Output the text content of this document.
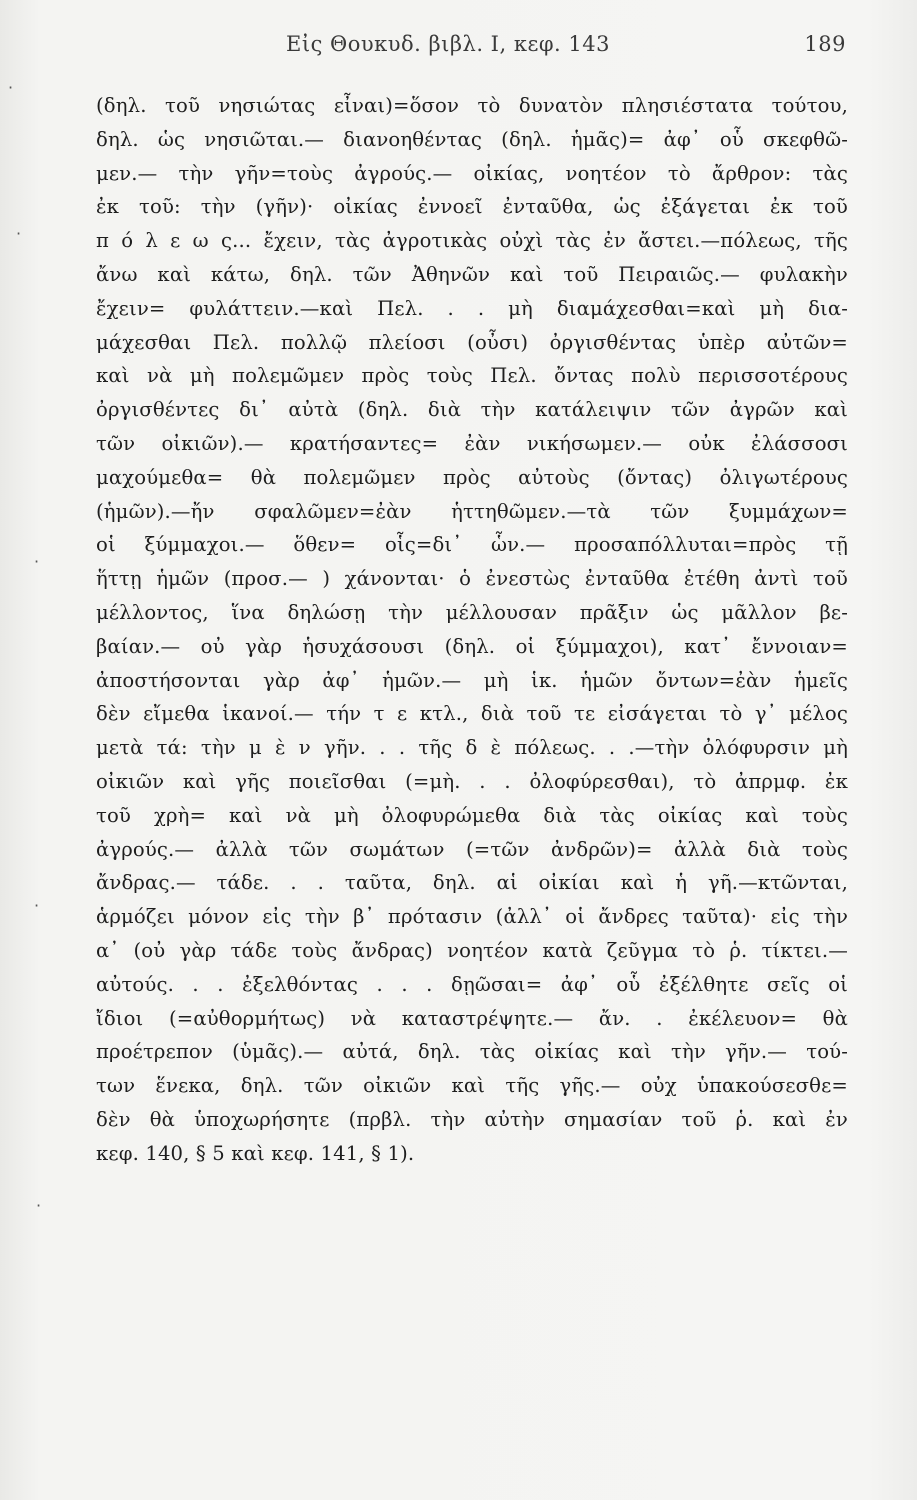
Εἰς Θουκυδ. βιβλ. Ι, κεφ. 143	189
·
·
·
·
·
(δηλ. τοῦ νησιώτας εἶναι)=ὅσον τὸ δυνατὸν πλησιέστατα τούτου,
δηλ. ὡς νησιῶται.— διανοηθέντας (δηλ. ἡμᾶς)= ἀφ᾽ οὗ σκεφθῶ-
μεν.— τὴν γῆν=τοὺς ἀγρούς.— οἰκίας, νοητέον τὸ ἄρθρον: τὰς
ἐκ τοῦ: τὴν (γῆν)· οἰκίας ἐννοεῖ ἐνταῦθα, ὡς ἐξάγεται ἐκ τοῦ
π ό λ ε ω ς... ἔχειν, τὰς ἀγροτικὰς οὐχὶ τὰς ἐν ἄστει.—πόλεως, τῆς
ἄνω καὶ κάτω, δηλ. τῶν Ἀθηνῶν καὶ τοῦ Πειραιῶς.— φυλακὴν
ἔχειν= φυλάττειν.—καὶ Πελ. . . μὴ διαμάχεσθαι=καὶ μὴ δια-
μάχεσθαι Πελ. πολλῷ πλείοσι (οὖσι) ὀργισθέντας ὑπὲρ αὐτῶν=
καὶ νὰ μὴ πολεμῶμεν πρὸς τοὺς Πελ. ὄντας πολὺ περισσοτέρους
ὀργισθέντες δι᾽ αὐτὰ (δηλ. διὰ τὴν κατάλειψιν τῶν ἀγρῶν καὶ
τῶν οἰκιῶν).— κρατήσαντες= ἐὰν νικήσωμεν.— οὐκ ἐλάσσοσι
μαχούμεθα= θὰ πολεμῶμεν πρὸς αὐτοὺς (ὄντας) ὀλιγωτέρους
(ἡμῶν).—ἤν σφαλῶμεν=ἐὰν ἡττηθῶμεν.—τὰ τῶν ξυμμάχων=
οἱ ξύμμαχοι.— ὅθεν= οἷς=δι᾽ ὧν.— προσαπόλλυται=πρὸς τῇ
ἥττῃ ἡμῶν (προσ.— ) χάνονται· ὁ ἐνεστὼς ἐνταῦθα ἐτέθη ἀντὶ τοῦ
μέλλοντος, ἵνα δηλώσῃ τὴν μέλλουσαν πρᾶξιν ὡς μᾶλλον βε-
βαίαν.— οὐ γὰρ ἡσυχάσουσι (δηλ. οἱ ξύμμαχοι), κατ᾽ ἔννοιαν=
ἀποστήσονται γὰρ ἀφ᾽ ἡμῶν.— μὴ ἱκ. ἡμῶν ὄντων=ἐὰν ἡμεῖς
δὲν εἴμεθα ἱκανοί.— τήν τ ε κτλ., διὰ τοῦ τε εἰσάγεται τὸ γ᾽ μέλος
μετὰ τά: τὴν μ ὲ ν γῆν. . . τῆς δ ὲ πόλεως. . .—τὴν ὀλόφυρσιν μὴ
οἰκιῶν καὶ γῆς ποιεῖσθαι (=μὴ. . . ὀλοφύρεσθαι), τὸ ἀπρμφ. ἐκ
τοῦ χρὴ= καὶ νὰ μὴ ὀλοφυρώμεθα διὰ τὰς οἰκίας καὶ τοὺς
ἀγρούς.— ἀλλὰ τῶν σωμάτων (=τῶν ἀνδρῶν)= ἀλλὰ διὰ τοὺς
ἄνδρας.— τάδε. . . ταῦτα, δηλ. αἱ οἰκίαι καὶ ἡ γῆ.—κτῶνται,
ἁρμόζει μόνον εἰς τὴν β᾽ πρότασιν (ἀλλ᾽ οἱ ἄνδρες ταῦτα)· εἰς τὴν
α᾽ (οὐ γὰρ τάδε τοὺς ἄνδρας) νοητέον κατὰ ζεῦγμα τὸ ῥ. τίκτει.—
αὐτούς. . . ἐξελθόντας . . . δῃῶσαι= ἀφ᾽ οὗ ἐξέλθητε σεῖς οἱ
ἴδιοι (=αὐθορμήτως) νὰ καταστρέψητε.— ἄν. . ἐκέλευον= θὰ
προέτρεπον (ὑμᾶς).— αὐτά, δηλ. τὰς οἰκίας καὶ τὴν γῆν.— τού-
των ἕνεκα, δηλ. τῶν οἰκιῶν καὶ τῆς γῆς.— οὐχ ὑπακούσεσθε=
δὲν θὰ ὑποχωρήσητε (πρβλ. τὴν αὐτὴν σημασίαν τοῦ ῥ. καὶ ἐν
κεφ. 140, § 5 καὶ κεφ. 141, § 1).
